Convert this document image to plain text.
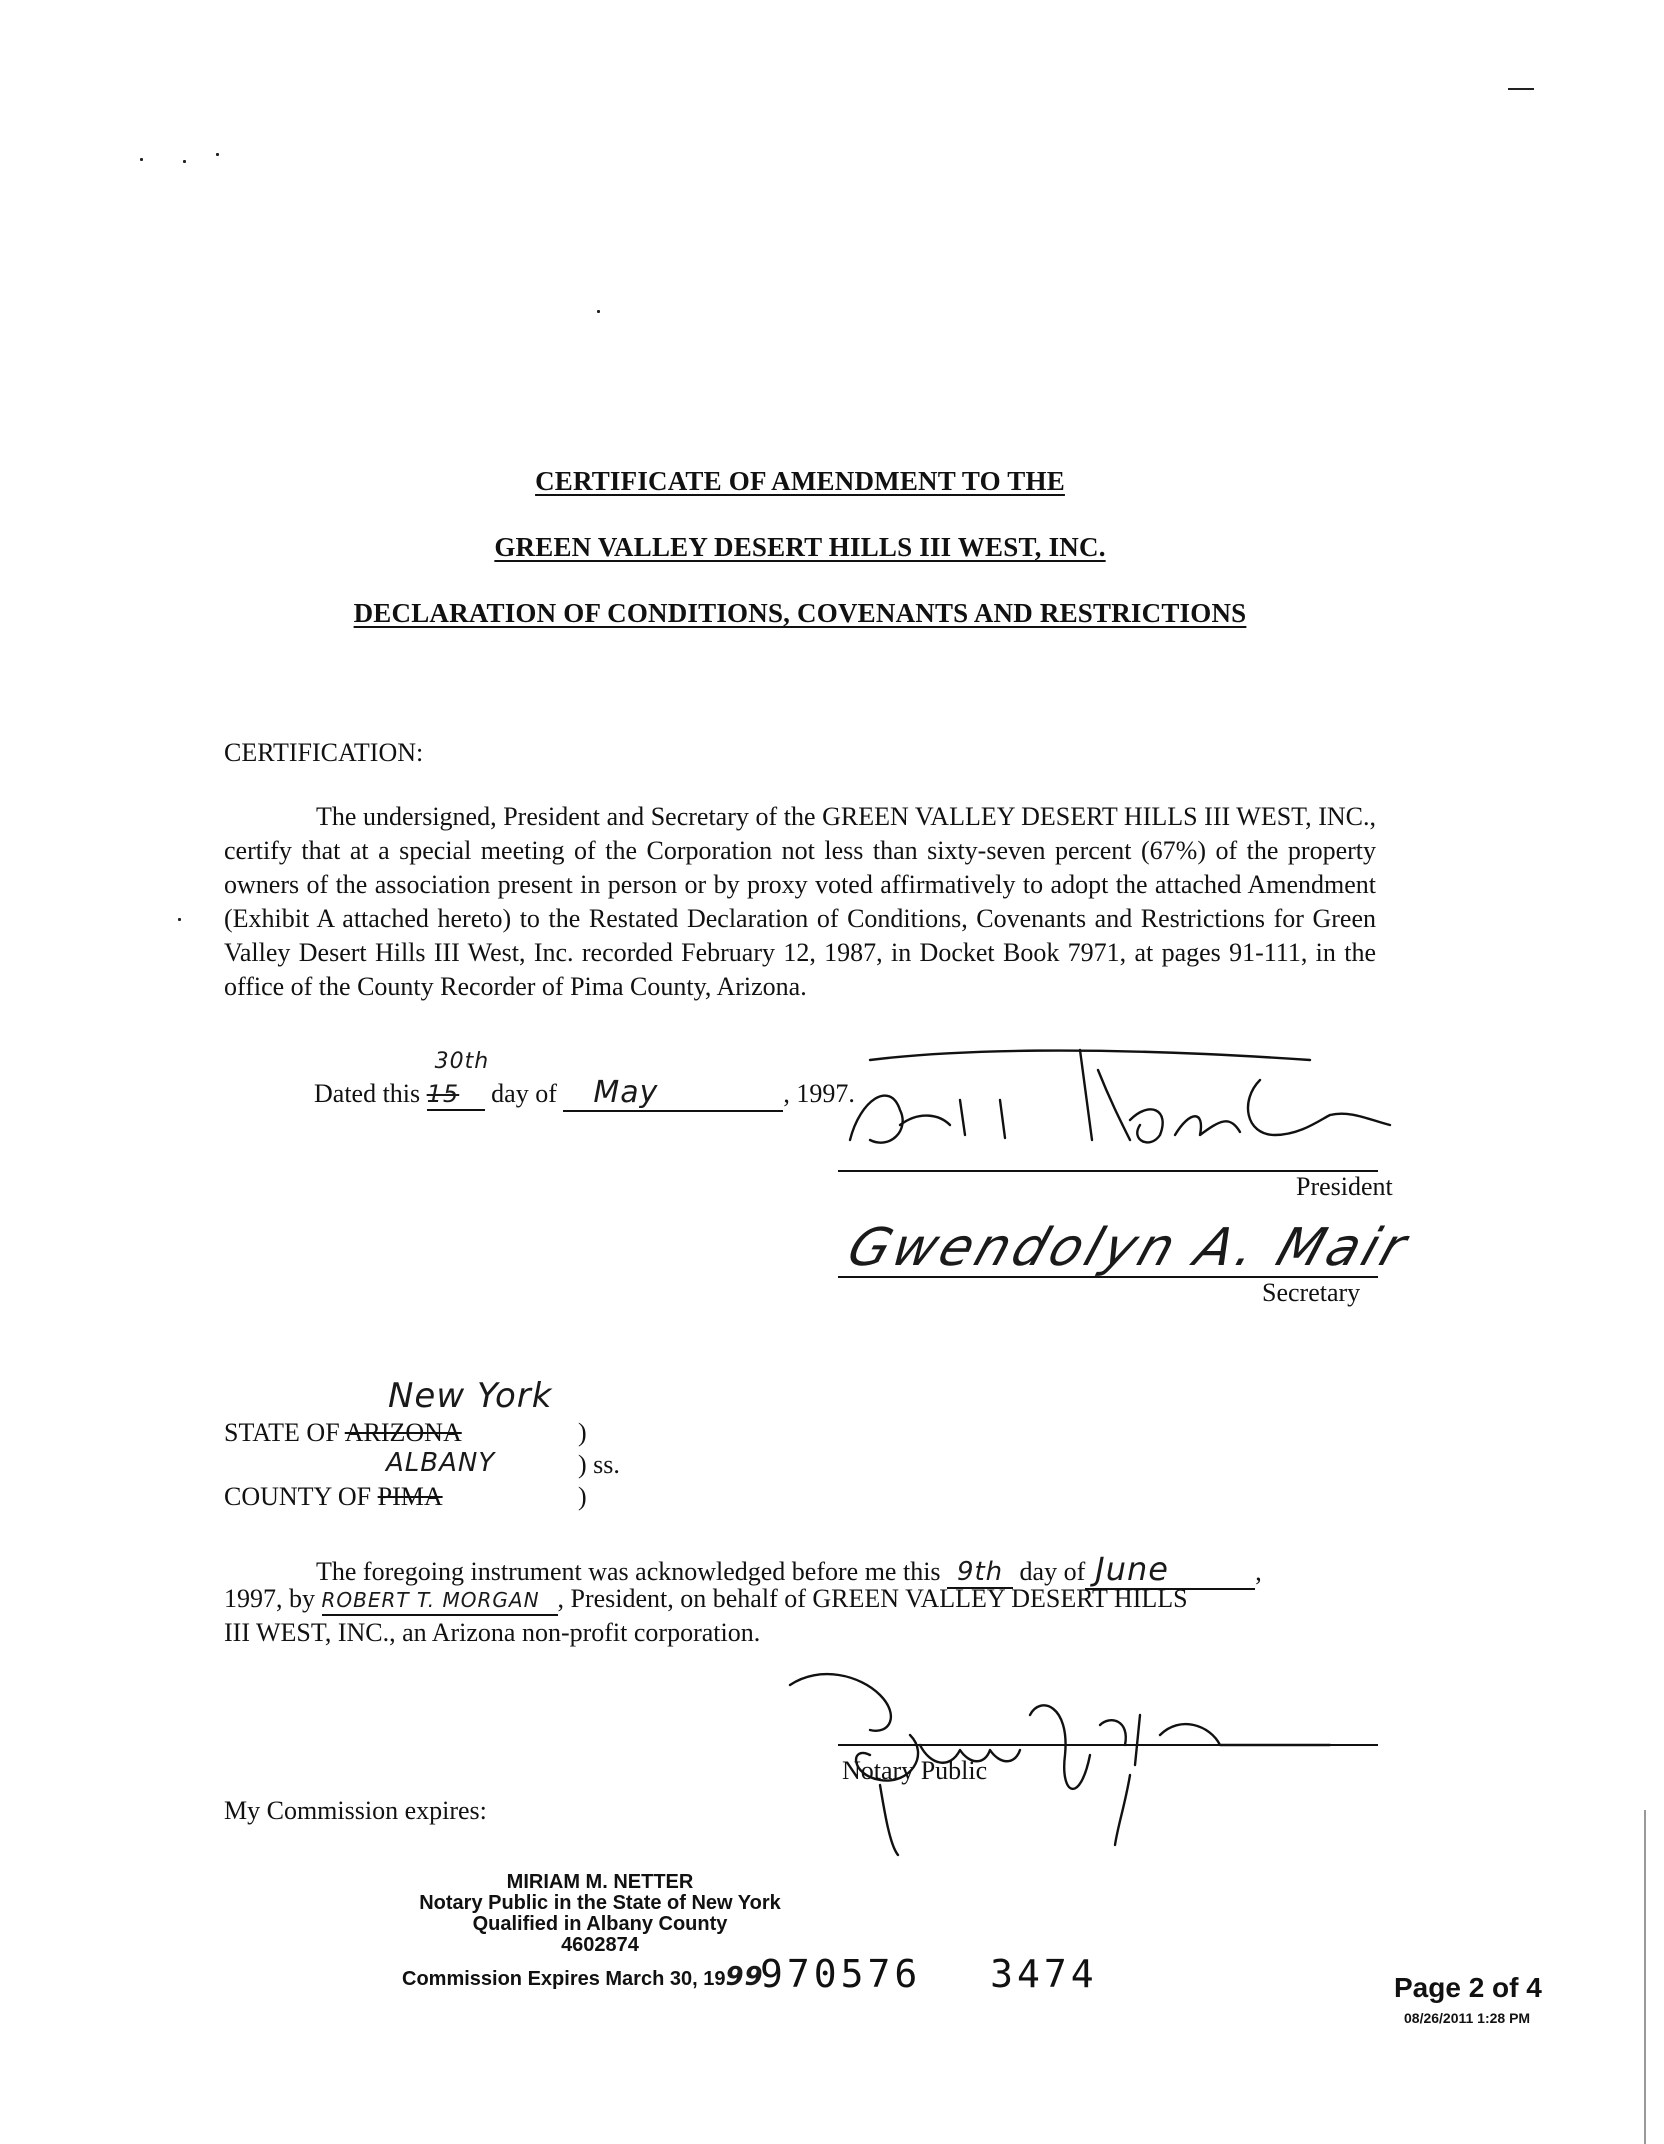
CERTIFICATE OF AMENDMENT TO THE
GREEN VALLEY DESERT HILLS III WEST, INC.
DECLARATION OF CONDITIONS, COVENANTS AND RESTRICTIONS
CERTIFICATION:
The undersigned, President and Secretary of the GREEN VALLEY DESERT HILLS III WEST, INC., certify that at a special meeting of the Corporation not less than sixty-seven percent (67%) of the property owners of the association present in person or by proxy voted affirmatively to adopt the attached Amendment (Exhibit A attached hereto) to the Restated Declaration of Conditions, Covenants and Restrictions for Green Valley Desert Hills III West, Inc. recorded February 12, 1987, in Docket Book 7971, at pages 91-111, in the office of the County Recorder of Pima County, Arizona.
Dated this 15
30th
day of May	, 1997.
President
Gwendolyn A. Mair
Secretary
New York
STATE OF ARIZONA	)
ALBANY	) ss.
COUNTY OF PIMA	)
The foregoing instrument was acknowledged before me this 9th day of June	,
1997, by ROBERT T. MORGAN , President, on behalf of GREEN VALLEY DESERT HILLS
III WEST, INC., an Arizona non-profit corporation.
Notary Public
My Commission expires:
MIRIAM M. NETTER
Notary Public in the State of New York
Qualified in Albany County
4602874
Commission Expires March 30, 1999
970576 3474	Page 2 of 4
08/26/2011 1:28 PM
